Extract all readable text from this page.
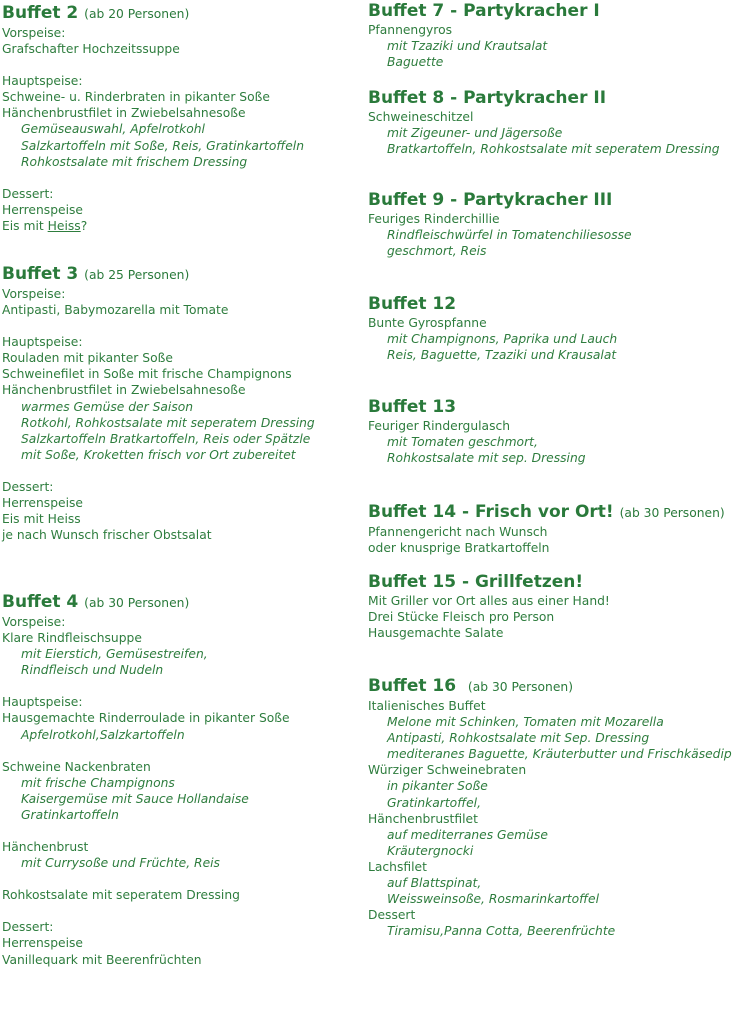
Buffet 2 (ab 20 Personen)
Vorspeise:
Grafschafter Hochzeitssuppe
Hauptspeise:
Schweine- u. Rinderbraten in pikanter Soße
Hänchenbrustfilet in Zwiebelsahnesoße
Gemüseauswahl, Apfelrotkohl
Salzkartoffeln mit Soße, Reis, Gratinkartoffeln
Rohkostsalate mit frischem Dressing
Dessert:
Herrenspeise
Eis mit Heiss?
Buffet 3 (ab 25 Personen)
Vorspeise:
Antipasti, Babymozarella mit Tomate
Hauptspeise:
Rouladen mit pikanter Soße
Schweinefilet in Soße mit frische Champignons
Hänchenbrustfilet in Zwiebelsahnesoße
warmes Gemüse der Saison
Rotkohl, Rohkostsalate mit seperatem Dressing
Salzkartoffeln Bratkartoffeln, Reis oder Spätzle
mit Soße, Kroketten frisch vor Ort zubereitet
Dessert:
Herrenspeise
Eis mit Heiss
je nach Wunsch frischer Obstsalat
Buffet 4 (ab 30 Personen)
Vorspeise:
Klare Rindfleischsuppe
mit Eierstich, Gemüsestreifen,
Rindfleisch und Nudeln
Hauptspeise:
Hausgemachte Rinderroulade in pikanter Soße
Apfelrotkohl,Salzkartoffeln
Schweine Nackenbraten
mit frische Champignons
Kaisergemüse mit Sauce Hollandaise
Gratinkartoffeln
Hänchenbrust
mit Currysoße und Früchte, Reis
Rohkostsalate mit seperatem Dressing
Dessert:
Herrenspeise
Vanillequark mit Beerenfrüchten
Buffet 7 - Partykracher I
Pfannengyros
mit Tzaziki und Krautsalat
Baguette
Buffet 8 - Partykracher II
Schweineschitzel
mit Zigeuner- und Jägersoße
Bratkartoffeln, Rohkostsalate mit seperatem Dressing
Buffet 9 - Partykracher III
Feuriges Rinderchillie
Rindfleischwürfel in Tomatenchiliesosse
geschmort, Reis
Buffet 12
Bunte Gyrospfanne
mit Champignons, Paprika und Lauch
Reis, Baguette, Tzaziki und Krausalat
Buffet 13
Feuriger Rindergulasch
mit Tomaten geschmort,
Rohkostsalate mit sep. Dressing
Buffet 14 - Frisch vor Ort! (ab 30 Personen)
Pfannengericht nach Wunsch
oder knusprige Bratkartoffeln
Buffet 15 - Grillfetzen!
Mit Griller vor Ort alles aus einer Hand!
Drei Stücke Fleisch pro Person
Hausgemachte Salate
Buffet 16 (ab 30 Personen)
Italienisches Buffet
Melone mit Schinken, Tomaten mit Mozarella
Antipasti, Rohkostsalate mit Sep. Dressing
mediteranes Baguette, Kräuterbutter und Frischkäsedip
Würziger Schweinebraten
in pikanter Soße
Gratinkartoffel,
Hänchenbrustfilet
auf mediterranes Gemüse
Kräutergnocki
Lachsfilet
auf Blattspinat,
Weissweinsoße, Rosmarinkartoffel
Dessert
Tiramisu,Panna Cotta, Beerenfrüchte
